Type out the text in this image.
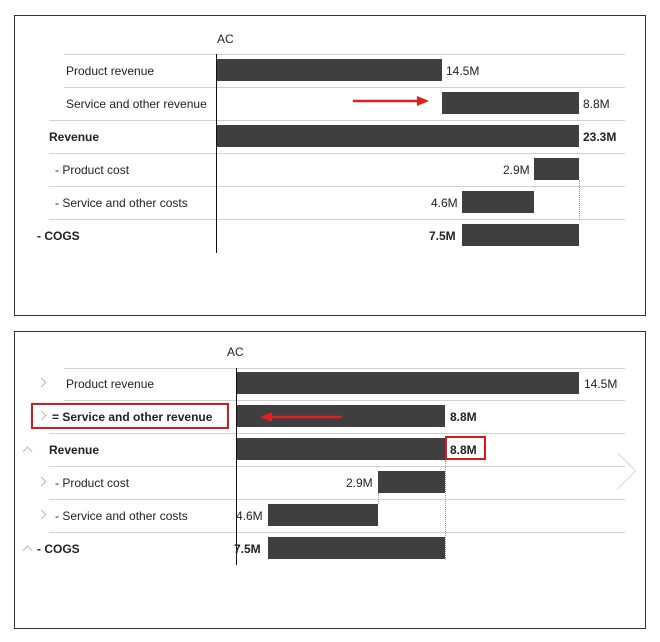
AC
Product revenue	14.5M
Service and other revenue	8.8M
Revenue	23.3M
- Product cost	2.9M
- Service and other costs	4.6M
- COGS	7.5M
AC
Product revenue	14.5M
= Service and other revenue	8.8M
Revenue	8.8M
- Product cost	2.9M
- Service and other costs	4.6M
- COGS	7.5M
